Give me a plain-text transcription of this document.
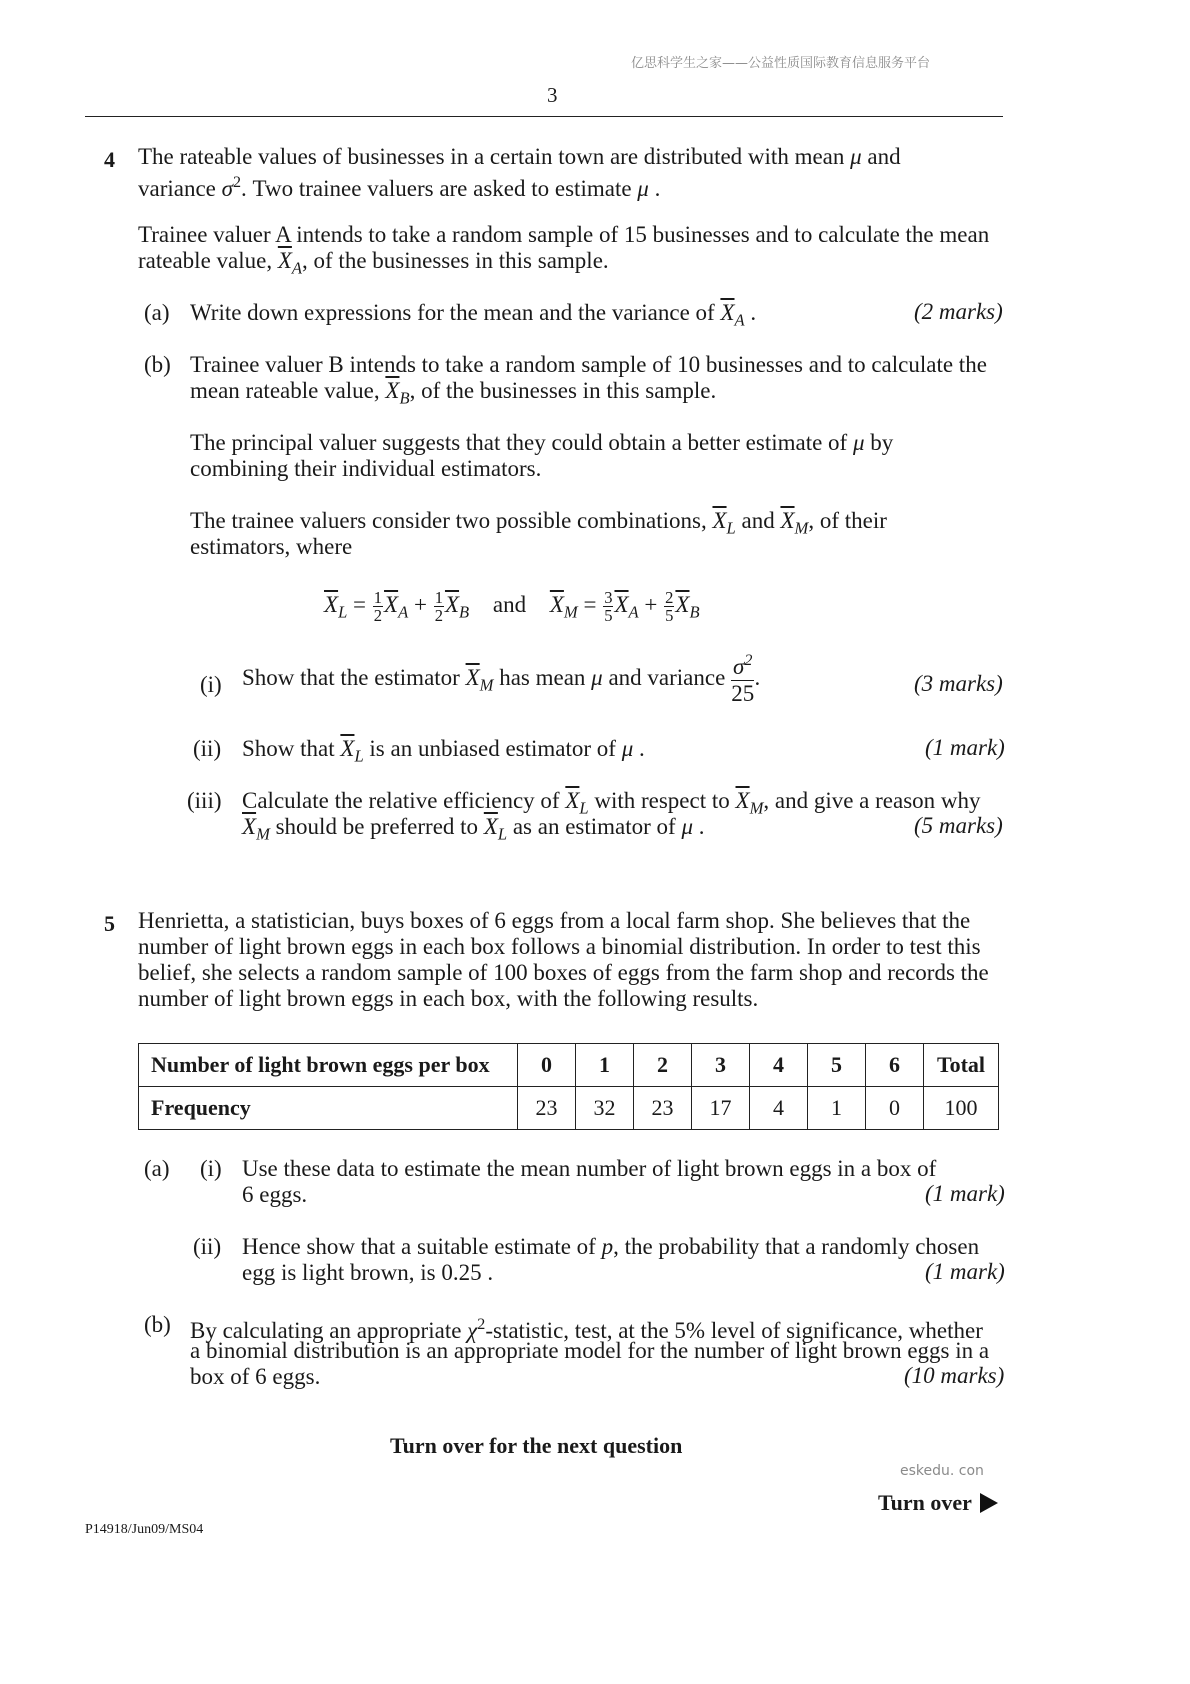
亿思科学生之家——公益性质国际教育信息服务平台
3
4 The rateable values of businesses in a certain town are distributed with mean μ and
variance $\sigma^2$. Two trainee valuers are asked to estimate μ .
Trainee valuer A intends to take a random sample of 15 businesses and to calculate the mean
rateable value, $\overline{X}_A$, of the businesses in this sample.
(a) Write down expressions for the mean and the variance of $\overline{X}_A$ .	(2 marks)
(b) Trainee valuer B intends to take a random sample of 10 businesses and to calculate the
mean rateable value, $\overline{X}_B$, of the businesses in this sample.
The principal valuer suggests that they could obtain a better estimate of μ by
combining their individual estimators.
The trainee valuers consider two possible combinations, $\overline{X}_L$ and $\overline{X}_M$, of their
estimators, where
$\overline{X}_L = \frac{1}{2} \overline{X}_A + \frac{1}{2} \overline{X}_B$ and $\overline{X}_M = \frac{3}{5} \overline{X}_A + \frac{2}{5} \overline{X}_B$
(i) Show that the estimator $\overline{X}_M$ has mean μ and variance $\frac{\sigma^2}{25}$ .	(3 marks)
(ii) Show that $\overline{X}_L$ is an unbiased estimator of μ .	(1 mark)
(iii) Calculate the relative efficiency of $\overline{X}_L$ with respect to $\overline{X}_M$, and give a reason why
$\overline{X}_M$ should be preferred to $\overline{X}_L$ as an estimator of μ .	(5 marks)
5 Henrietta, a statistician, buys boxes of 6 eggs from a local farm shop. She believes that the
number of light brown eggs in each box follows a binomial distribution. In order to test this
belief, she selects a random sample of 100 boxes of eggs from the farm shop and records the
number of light brown eggs in each box, with the following results.
Number of light brown eggs per box	0	1	2	3	4	5	6	Total
Frequency	23	32	23	17	4	1	0	100
(a) (i) Use these data to estimate the mean number of light brown eggs in a box of
6 eggs.	(1 mark)
(ii) Hence show that a suitable estimate of p, the probability that a randomly chosen
egg is light brown, is 0.25 .	(1 mark)
(b) By calculating an appropriate $\chi^2$-statistic, test, at the 5% level of significance, whether
a binomial distribution is an appropriate model for the number of light brown eggs in a
box of 6 eggs.	(10 marks)
Turn over for the next question
eskedu. con
Turn over
P14918/Jun09/MS04
